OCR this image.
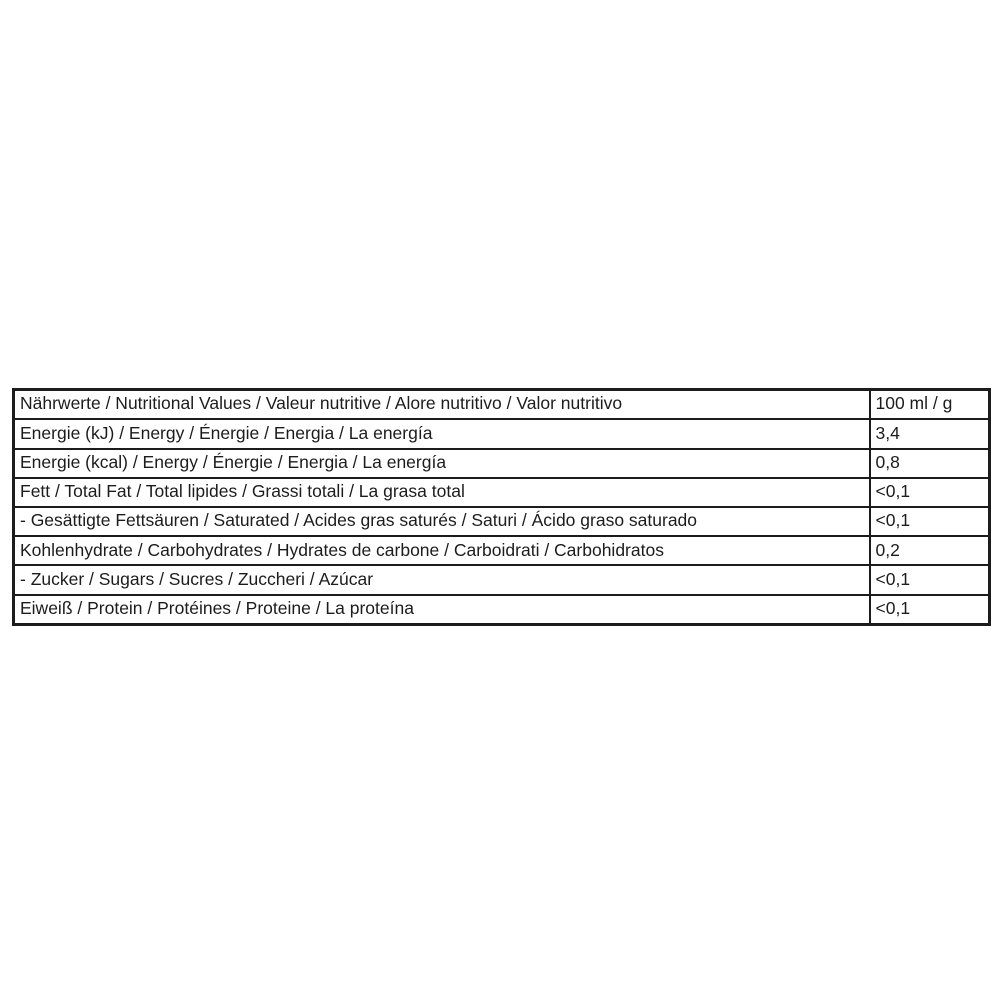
Nährwerte / Nutritional Values / Valeur nutritive / Alore nutritivo / Valor nutritivo	100 ml / g
Energie (kJ) / Energy / Énergie / Energia / La energía	3,4
Energie (kcal) / Energy / Énergie / Energia / La energía	0,8
Fett / Total Fat / Total lipides / Grassi totali / La grasa total	<0,1
- Gesättigte Fettsäuren / Saturated / Acides gras saturés / Saturi / Ácido graso saturado	<0,1
Kohlenhydrate / Carbohydrates / Hydrates de carbone / Carboidrati / Carbohidratos	0,2
- Zucker / Sugars / Sucres / Zuccheri / Azúcar	<0,1
Eiweiß / Protein / Protéines / Proteine / La proteína	<0,1
